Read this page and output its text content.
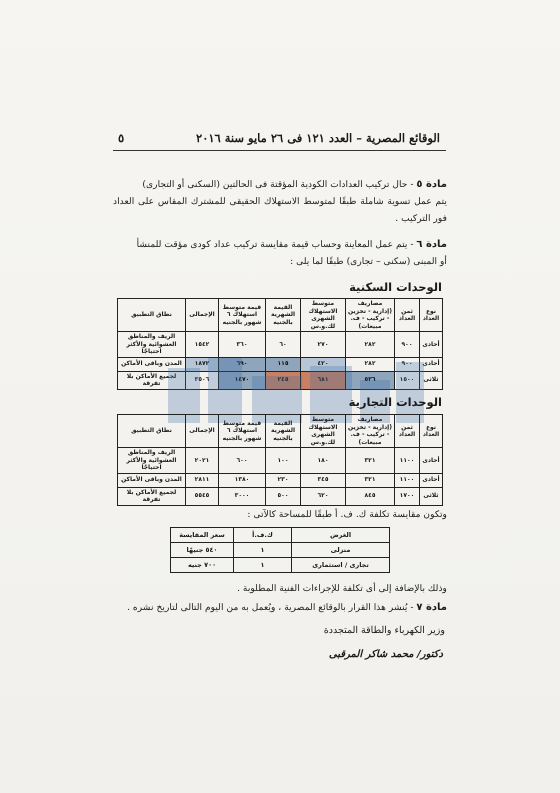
٥	الوقائع المصرية – العدد ١٢١ فى ٢٦ مايو سنة ٢٠١٦
مادة ٥ - حال تركيب العدادات الكودية المؤقتة فى الحالتين (السكنى أو التجارى)
يتم عمل تسوية شاملة طبقًا لمتوسط الاستهلاك الحقيقى للمشترك المقاس على العداد
فور التركيب .
مادة ٦ - يتم عمل المعاينة وحساب قيمة مقايسة تركيب عداد كودى مؤقت للمنشأ
أو المبنى (سكنى – تجارى) طبقًا لما يلى :
الوحدات السكنية
نوع العداد	ثمن العداد	مصاريف (إدارية - تخزين - تركيب - ف. مبيعات)	متوسط الاستهلاك الشهرى لك.و.س	القيمة الشهرية بالجنيه	قيمة متوسط استهلاك ٦ شهور بالجنيه	الإجمالى	نطاق التطبيق
أحادى	٩٠٠	٢٨٢	٢٧٠	٦٠	٣٦٠	١٥٤٢	الريف والمناطق العشوائية والأكثر احتياجًا
أحادى	٩٠٠	٢٨٢	٤٢٠	١١٥	٦٩٠	١٨٧٢	المدن وباقى الأماكن
ثلاثى	١٥٠٠	٥٣٦	٦٨١	٢٤٥	١٤٧٠	٣٥٠٦	لجميع الأماكن بلا تفرقة
الوحدات التجارية
نوع العداد	ثمن العداد	مصاريف (إدارية - تخزين - تركيب - ف. مبيعات)	متوسط الاستهلاك الشهرى لك.و.س	القيمة الشهرية بالجنيه	قيمة متوسط استهلاك ٦ شهور بالجنيه	الإجمالى	نطاق التطبيق
أحادى	١١٠٠	٣٢١	١٨٠	١٠٠	٦٠٠	٢٠٢١	الريف والمناطق العشوائية والأكثر احتياجًا
أحادى	١١٠٠	٣٢١	٣٤٥	٢٣٠	١٣٨٠	٢٨١١	المدن وباقى الأماكن
ثلاثى	١٧٠٠	٨٤٥	٦٢٠	٥٠٠	٣٠٠٠	٥٥٤٥	لجميع الأماكن بلا تفرقة
وتكون مقايسة تكلفة ك. ف. أ طبقًا للمساحة كالآتى :
الغرض	ك.ف.أ	سعر المقايسة
منزلى	١	٥٤٠ جنيهًا
تجارى / استثمارى	١	٧٠٠ جنيه
وذلك بالإضافة إلى أى تكلفة للإجراءات الفنية المطلوبة .
مادة ٧ - يُنشر هذا القرار بالوقائع المصرية ، ويُعمل به من اليوم التالى لتاريخ نشره .
وزير الكهرباء والطاقة المتجددة
دكتور/ محمد شاكر المرقبى
